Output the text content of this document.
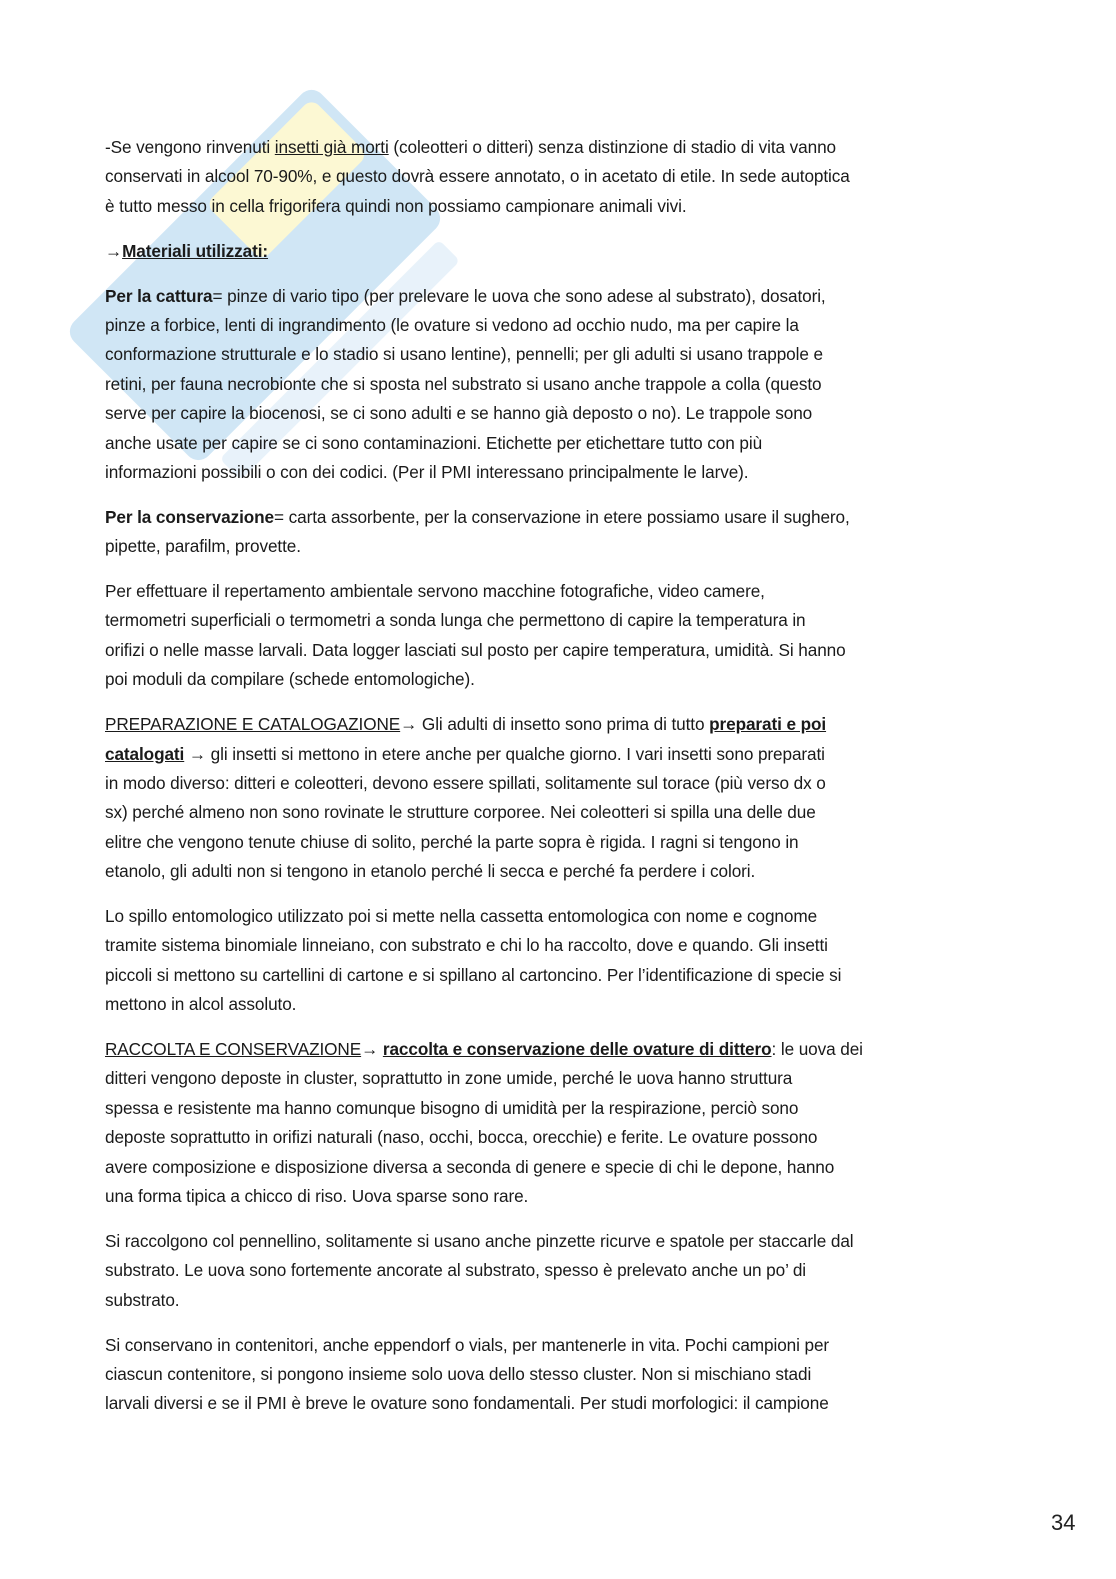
-Se vengono rinvenuti insetti già morti (coleotteri o ditteri) senza distinzione di stadio di vita vanno
conservati in alcool 70-90%, e questo dovrà essere annotato, o in acetato di etile. In sede autoptica
è tutto messo in cella frigorifera quindi non possiamo campionare animali vivi.
→Materiali utilizzati:
Per la cattura= pinze di vario tipo (per prelevare le uova che sono adese al substrato), dosatori,
pinze a forbice, lenti di ingrandimento (le ovature si vedono ad occhio nudo, ma per capire la
conformazione strutturale e lo stadio si usano lentine), pennelli; per gli adulti si usano trappole e
retini, per fauna necrobionte che si sposta nel substrato si usano anche trappole a colla (questo
serve per capire la biocenosi, se ci sono adulti e se hanno già deposto o no). Le trappole sono
anche usate per capire se ci sono contaminazioni. Etichette per etichettare tutto con più
informazioni possibili o con dei codici. (Per il PMI interessano principalmente le larve).
Per la conservazione= carta assorbente, per la conservazione in etere possiamo usare il sughero,
pipette, parafilm, provette.
Per effettuare il repertamento ambientale servono macchine fotografiche, video camere,
termometri superficiali o termometri a sonda lunga che permettono di capire la temperatura in
orifizi o nelle masse larvali. Data logger lasciati sul posto per capire temperatura, umidità. Si hanno
poi moduli da compilare (schede entomologiche).
PREPARAZIONE E CATALOGAZIONE→ Gli adulti di insetto sono prima di tutto preparati e poi
catalogati → gli insetti si mettono in etere anche per qualche giorno. I vari insetti sono preparati
in modo diverso: ditteri e coleotteri, devono essere spillati, solitamente sul torace (più verso dx o
sx) perché almeno non sono rovinate le strutture corporee. Nei coleotteri si spilla una delle due
elitre che vengono tenute chiuse di solito, perché la parte sopra è rigida. I ragni si tengono in
etanolo, gli adulti non si tengono in etanolo perché li secca e perché fa perdere i colori.
Lo spillo entomologico utilizzato poi si mette nella cassetta entomologica con nome e cognome
tramite sistema binomiale linneiano, con substrato e chi lo ha raccolto, dove e quando. Gli insetti
piccoli si mettono su cartellini di cartone e si spillano al cartoncino. Per l’identificazione di specie si
mettono in alcol assoluto.
RACCOLTA E CONSERVAZIONE→ raccolta e conservazione delle ovature di dittero: le uova dei
ditteri vengono deposte in cluster, soprattutto in zone umide, perché le uova hanno struttura
spessa e resistente ma hanno comunque bisogno di umidità per la respirazione, perciò sono
deposte soprattutto in orifizi naturali (naso, occhi, bocca, orecchie) e ferite. Le ovature possono
avere composizione e disposizione diversa a seconda di genere e specie di chi le depone, hanno
una forma tipica a chicco di riso. Uova sparse sono rare.
Si raccolgono col pennellino, solitamente si usano anche pinzette ricurve e spatole per staccarle dal
substrato. Le uova sono fortemente ancorate al substrato, spesso è prelevato anche un po’ di
substrato.
Si conservano in contenitori, anche eppendorf o vials, per mantenerle in vita. Pochi campioni per
ciascun contenitore, si pongono insieme solo uova dello stesso cluster. Non si mischiano stadi
larvali diversi e se il PMI è breve le ovature sono fondamentali. Per studi morfologici: il campione
34
